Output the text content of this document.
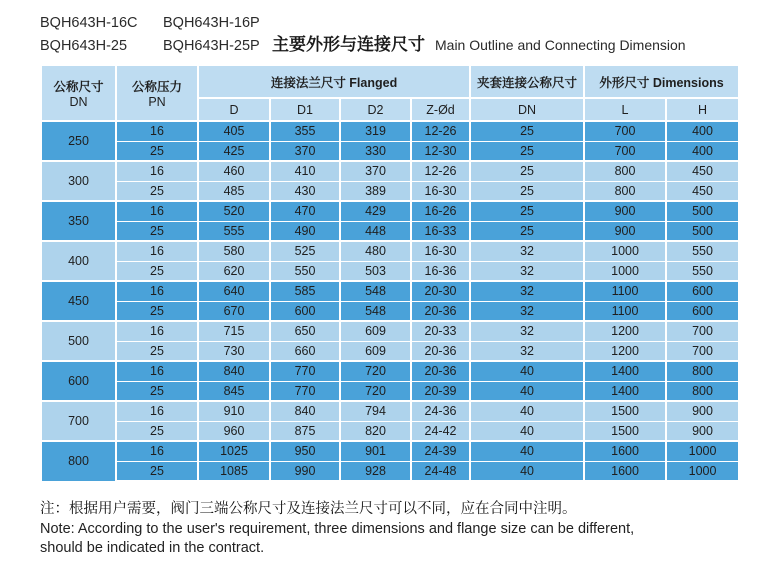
BQH643H-16C	BQH643H-16P
BQH643H-25	BQH643H-25P 主要外形与连接尺寸 Main Outline and Connecting Dimension
公称尺寸
DN	公称压力
PN	连接法兰尺寸 Flanged				夹套连接公称尺寸	外形尺寸 Dimensions	
		D	D1	D2	Z-Ød	DN	L	H
250	16	405	355	319	12-26	25	700	400
	25	425	370	330	12-30	25	700	400
300	16	460	410	370	12-26	25	800	450
	25	485	430	389	16-30	25	800	450
350	16	520	470	429	16-26	25	900	500
	25	555	490	448	16-33	25	900	500
400	16	580	525	480	16-30	32	1000	550
	25	620	550	503	16-36	32	1000	550
450	16	640	585	548	20-30	32	1100	600
	25	670	600	548	20-36	32	1100	600
500	16	715	650	609	20-33	32	1200	700
	25	730	660	609	20-36	32	1200	700
600	16	840	770	720	20-36	40	1400	800
	25	845	770	720	20-39	40	1400	800
700	16	910	840	794	24-36	40	1500	900
	25	960	875	820	24-42	40	1500	900
800	16	1025	950	901	24-39	40	1600	1000
	25	1085	990	928	24-48	40	1600	1000

注：根据用户需要，阀门三端公称尺寸及连接法兰尺寸可以不同，应在合同中注明。

Note: According to the user's requirement, three dimensions and flange size can be different,

should be indicated in the contract.
